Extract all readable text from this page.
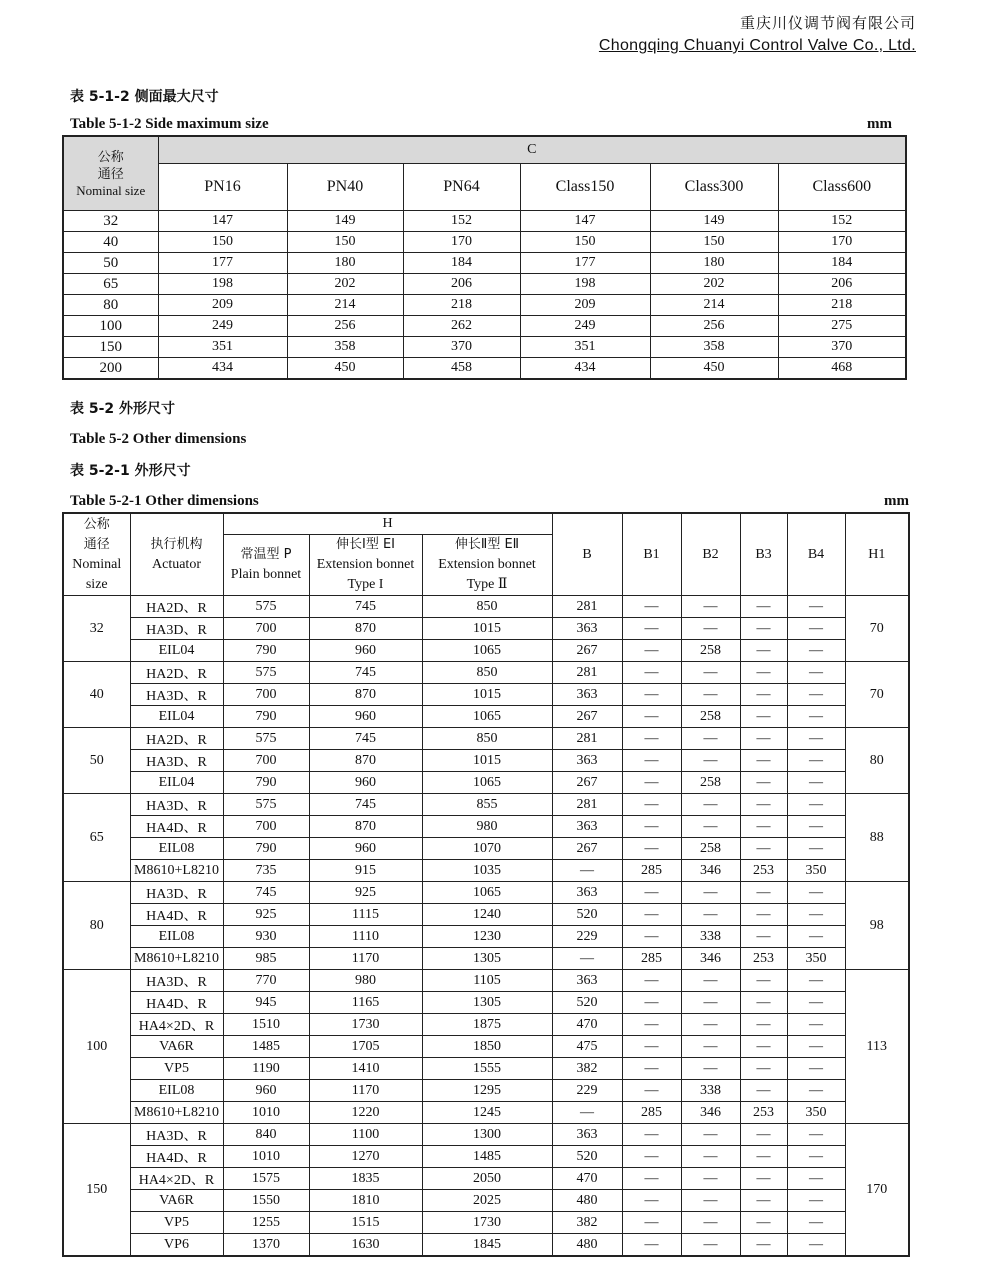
重庆川仪调节阀有限公司
Chongqing Chuanyi Control Valve Co., Ltd.
表 5-1-2 侧面最大尺寸
Table 5-1-2 Side maximum size	mm
公称
通径
Nominal size	C					
	PN16	PN40	PN64	Class150	Class300	Class600
32	147	149	152	147	149	152
40	150	150	170	150	150	170
50	177	180	184	177	180	184
65	198	202	206	198	202	206
80	209	214	218	209	214	218
100	249	256	262	249	256	275
150	351	358	370	351	358	370
200	434	450	458	434	450	468
表 5-2 外形尺寸
Table 5-2 Other dimensions
表 5-2-1 外形尺寸
Table 5-2-1 Other dimensions	mm
公称
通径
Nominal
size	执行机构
Actuator	H			B	B1	B2	B3	B4	H1
		常温型 P
Plain bonnet	伸长Ⅰ型 EⅠ
Extension bonnet
Type I	伸长Ⅱ型 EⅡ
Extension bonnet
Type Ⅱ						
32	HA2D、R	575	745	850	281	—	—	—	—	70
	HA3D、R	700	870	1015	363	—	—	—	—	
	EIL04	790	960	1065	267	—	258	—	—	
40	HA2D、R	575	745	850	281	—	—	—	—	70
	HA3D、R	700	870	1015	363	—	—	—	—	
	EIL04	790	960	1065	267	—	258	—	—	
50	HA2D、R	575	745	850	281	—	—	—	—	80
	HA3D、R	700	870	1015	363	—	—	—	—	
	EIL04	790	960	1065	267	—	258	—	—	
65	HA3D、R	575	745	855	281	—	—	—	—	88
	HA4D、R	700	870	980	363	—	—	—	—	
	EIL08	790	960	1070	267	—	258	—	—	
	M8610+L8210	735	915	1035	—	285	346	253	350	
80	HA3D、R	745	925	1065	363	—	—	—	—	98
	HA4D、R	925	1115	1240	520	—	—	—	—	
	EIL08	930	1110	1230	229	—	338	—	—	
	M8610+L8210	985	1170	1305	—	285	346	253	350	
100	HA3D、R	770	980	1105	363	—	—	—	—	113
	HA4D、R	945	1165	1305	520	—	—	—	—	
	HA4×2D、R	1510	1730	1875	470	—	—	—	—	
	VA6R	1485	1705	1850	475	—	—	—	—	
	VP5	1190	1410	1555	382	—	—	—	—	
	EIL08	960	1170	1295	229	—	338	—	—	
	M8610+L8210	1010	1220	1245	—	285	346	253	350	
150	HA3D、R	840	1100	1300	363	—	—	—	—	170
	HA4D、R	1010	1270	1485	520	—	—	—	—	
	HA4×2D、R	1575	1835	2050	470	—	—	—	—	
	VA6R	1550	1810	2025	480	—	—	—	—	
	VP5	1255	1515	1730	382	—	—	—	—	
	VP6	1370	1630	1845	480	—	—	—	—	
